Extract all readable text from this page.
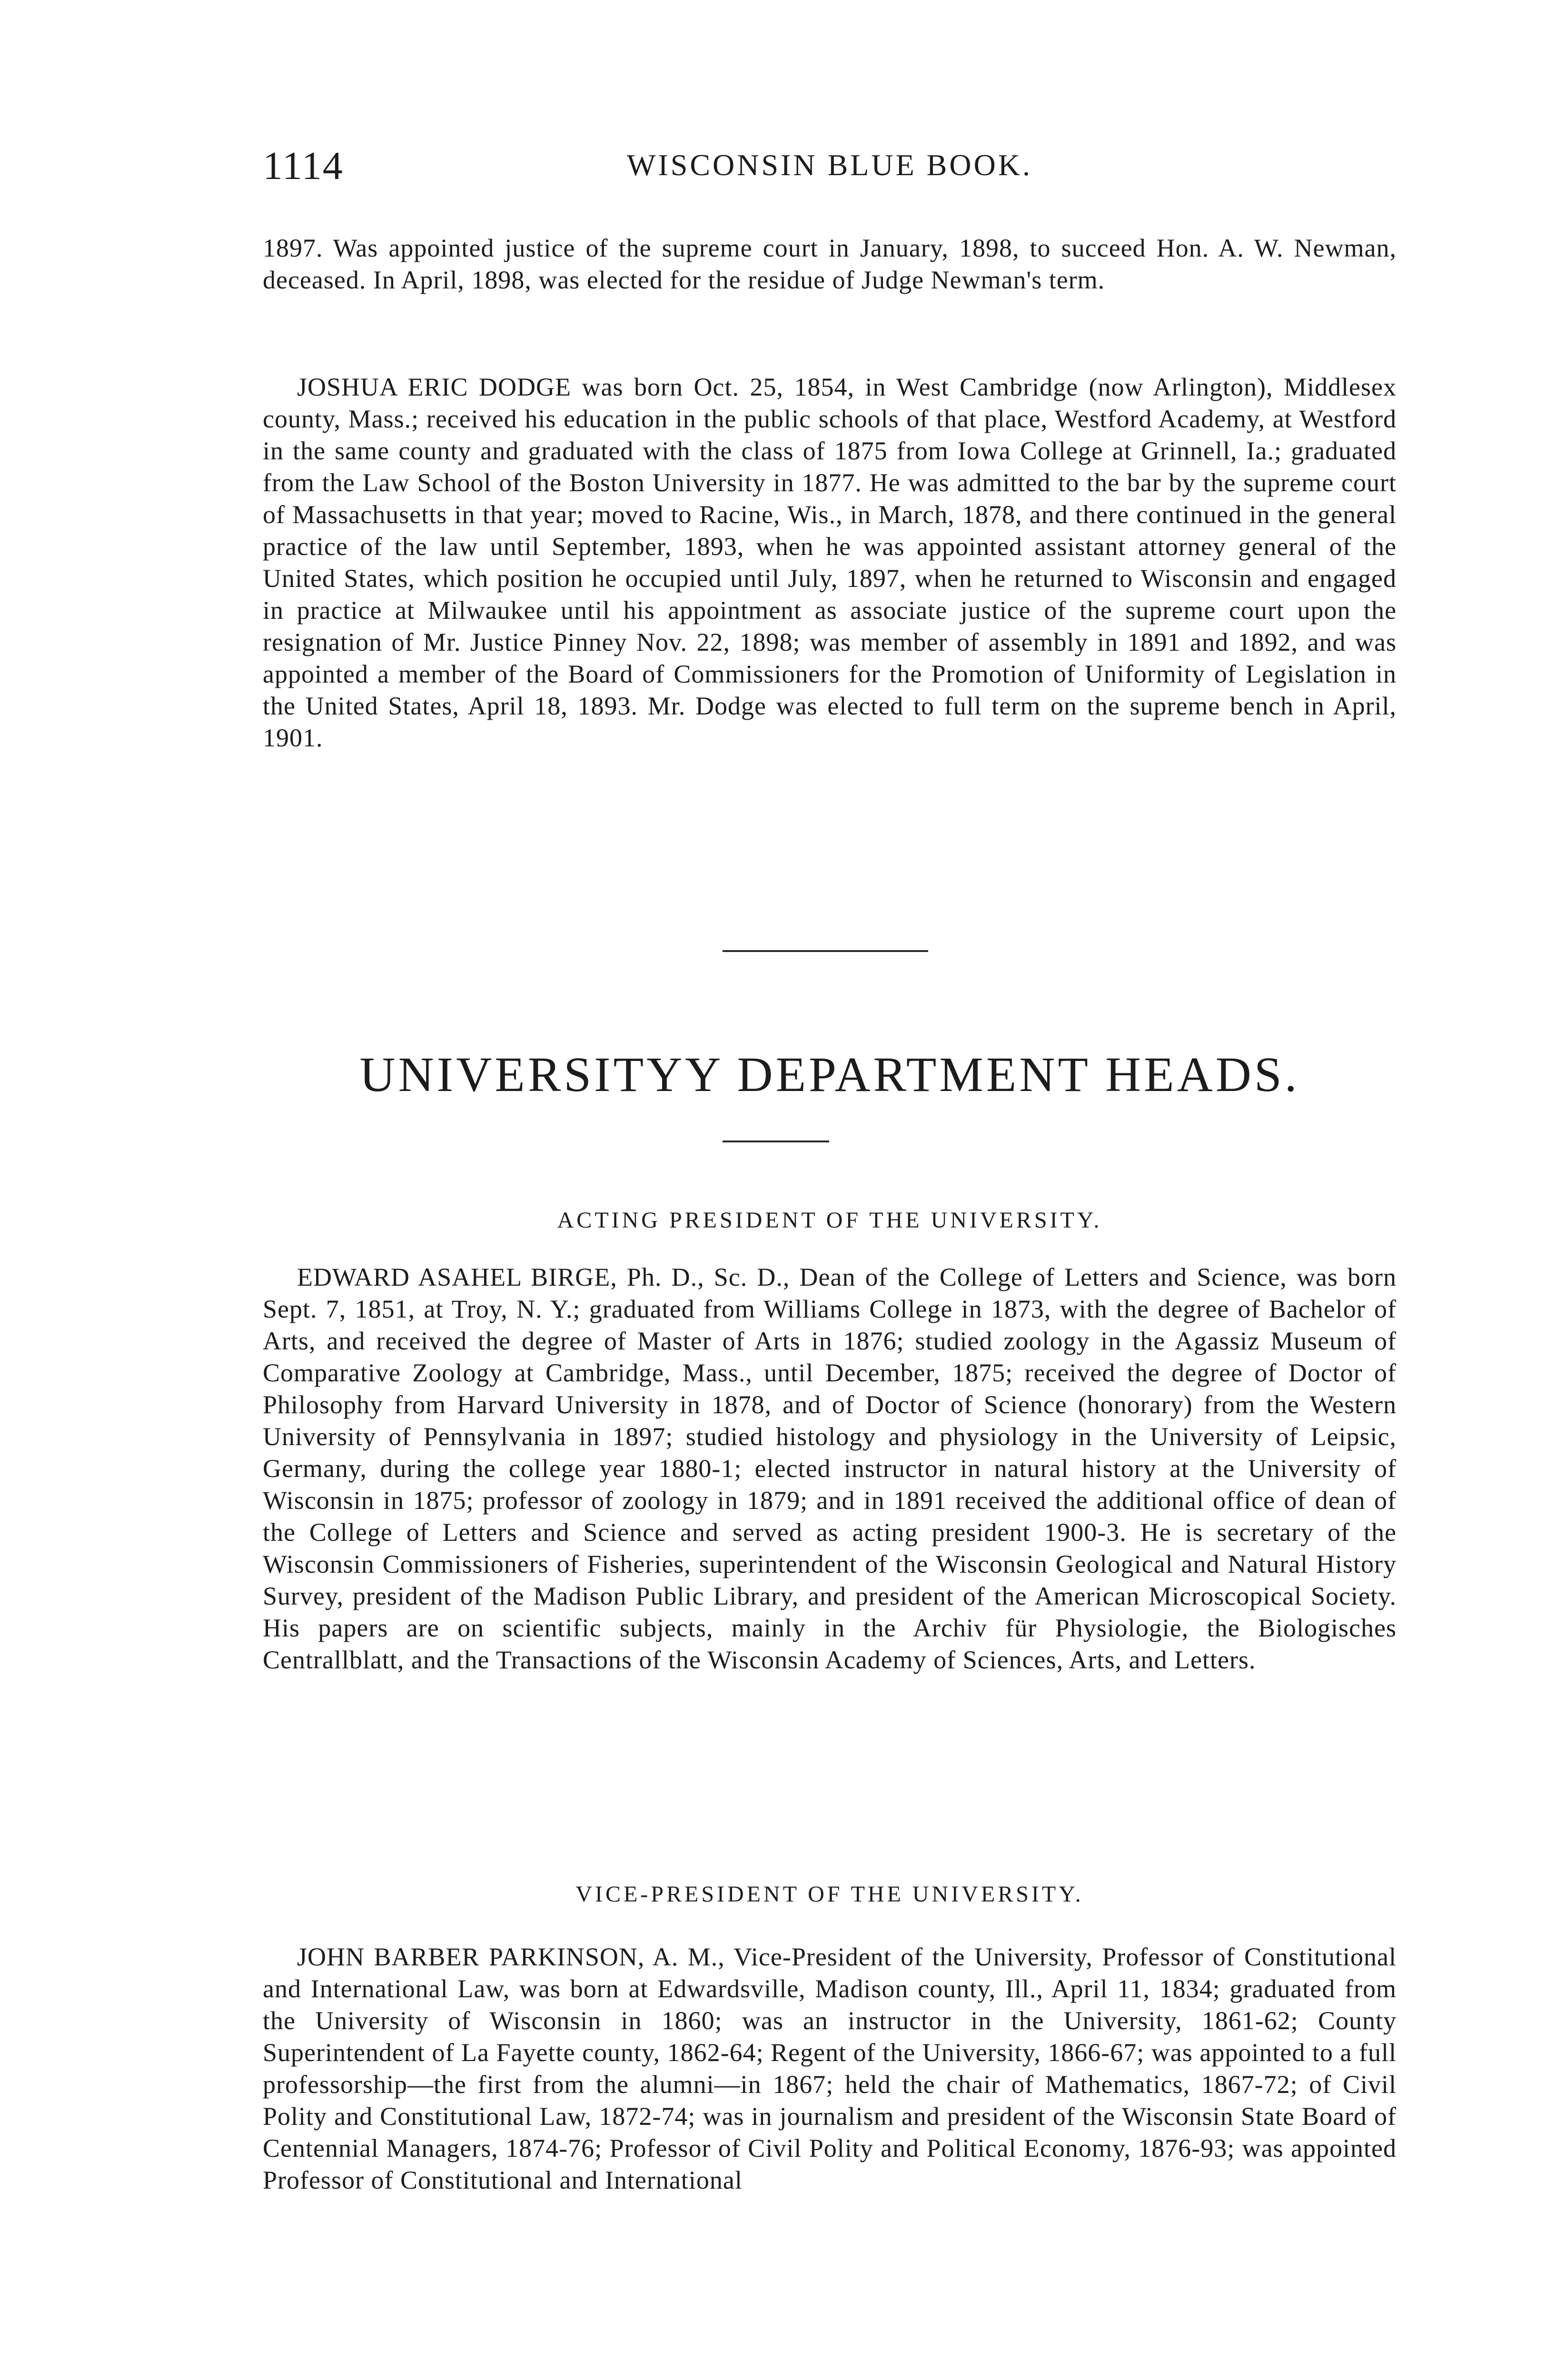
1114	WISCONSIN BLUE BOOK.

1897. Was appointed justice of the supreme court in January, 1898, to succeed Hon. A. W. Newman, deceased. In April, 1898, was elected for the residue of Judge Newman's term.

JOSHUA ERIC DODGE was born Oct. 25, 1854, in West Cambridge (now Arlington), Middlesex county, Mass.; received his education in the public schools of that place, Westford Academy, at Westford in the same county and graduated with the class of 1875 from Iowa College at Grinnell, Ia.; graduated from the Law School of the Boston University in 1877. He was admitted to the bar by the supreme court of Massachusetts in that year; moved to Racine, Wis., in March, 1878, and there continued in the general practice of the law until September, 1893, when he was appointed assistant attorney general of the United States, which position he occupied until July, 1897, when he returned to Wisconsin and engaged in practice at Milwaukee until his appointment as associate justice of the supreme court upon the resignation of Mr. Justice Pinney Nov. 22, 1898; was member of assembly in 1891 and 1892, and was appointed a member of the Board of Commissioners for the Promotion of Uniformity of Legislation in the United States, April 18, 1893. Mr. Dodge was elected to full term on the supreme bench in April, 1901.

UNIVERSITYY DEPARTMENT HEADS.
ACTING PRESIDENT OF THE UNIVERSITY.

EDWARD ASAHEL BIRGE, Ph. D., Sc. D., Dean of the College of Letters and Science, was born Sept. 7, 1851, at Troy, N. Y.; graduated from Williams College in 1873, with the degree of Bachelor of Arts, and received the degree of Master of Arts in 1876; studied zoology in the Agassiz Museum of Comparative Zoology at Cambridge, Mass., until December, 1875; received the degree of Doctor of Philosophy from Harvard University in 1878, and of Doctor of Science (honorary) from the Western University of Pennsylvania in 1897; studied histology and physiology in the University of Leipsic, Germany, during the college year 1880-1; elected instructor in natural history at the University of Wisconsin in 1875; professor of zoology in 1879; and in 1891 received the additional office of dean of the College of Letters and Science and served as acting president 1900-3. He is secretary of the Wisconsin Commissioners of Fisheries, superintendent of the Wisconsin Geological and Natural History Survey, president of the Madison Public Library, and president of the American Microscopical Society. His papers are on scientific subjects, mainly in the Archiv für Physiologie, the Biologisches Centrallblatt, and the Transactions of the Wisconsin Academy of Sciences, Arts, and Letters.

VICE-PRESIDENT OF THE UNIVERSITY.

JOHN BARBER PARKINSON, A. M., Vice-President of the University, Professor of Constitutional and International Law, was born at Edwardsville, Madison county, Ill., April 11, 1834; graduated from the University of Wisconsin in 1860; was an instructor in the University, 1861-62; County Superintendent of La Fayette county, 1862-64; Regent of the University, 1866-67; was appointed to a full professorship—the first from the alumni—in 1867; held the chair of Mathematics, 1867-72; of Civil Polity and Constitutional Law, 1872-74; was in journalism and president of the Wisconsin State Board of Centennial Managers, 1874-76; Professor of Civil Polity and Political Economy, 1876-93; was appointed Professor of Constitutional and International
